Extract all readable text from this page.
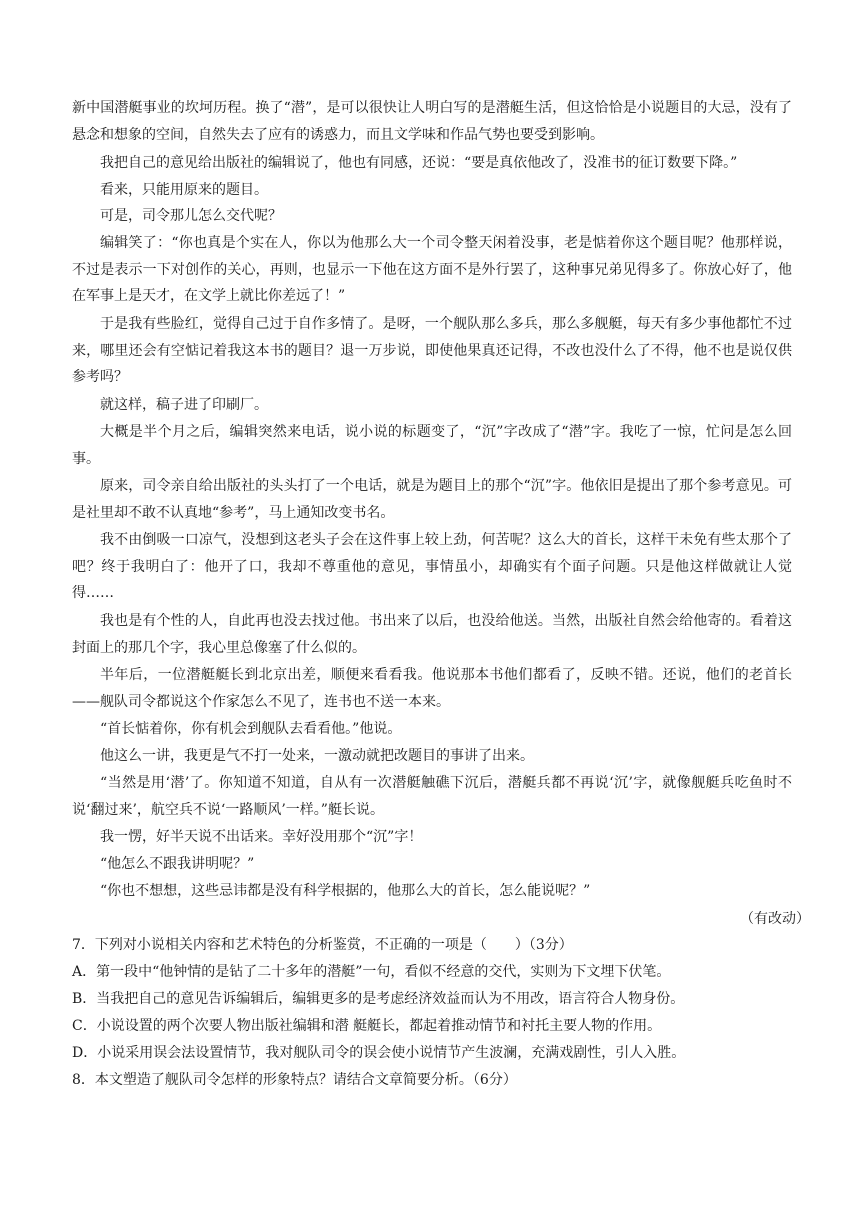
新中国潜艇事业的坎坷历程。换了“潜”，是可以很快让人明白写的是潜艇生活，但这恰恰是小说题目的大忌，没有了悬念和想象的空间，自然失去了应有的诱惑力，而且文学味和作品气势也要受到影响。

我把自己的意见给出版社的编辑说了，他也有同感，还说：“要是真依他改了，没准书的征订数要下降。”

看来，只能用原来的题目。

可是，司令那儿怎么交代呢？

编辑笑了：“你也真是个实在人，你以为他那么大一个司令整天闲着没事，老是惦着你这个题目呢？他那样说，不过是表示一下对创作的关心，再则，也显示一下他在这方面不是外行罢了，这种事兄弟见得多了。你放心好了，他在军事上是天才，在文学上就比你差远了！”

于是我有些脸红，觉得自己过于自作多情了。是呀，一个舰队那么多兵，那么多舰艇，每天有多少事他都忙不过来，哪里还会有空惦记着我这本书的题目？退一万步说，即使他果真还记得，不改也没什么了不得，他不也是说仅供参考吗？

就这样，稿子进了印刷厂。

大概是半个月之后，编辑突然来电话，说小说的标题变了，“沉”字改成了“潜”字。我吃了一惊，忙问是怎么回事。

原来，司令亲自给出版社的头头打了一个电话，就是为题目上的那个“沉”字。他依旧是提出了那个参考意见。可是社里却不敢不认真地“参考”，马上通知改变书名。

我不由倒吸一口凉气，没想到这老头子会在这件事上较上劲，何苦呢？这么大的首长，这样干未免有些太那个了吧？终于我明白了：他开了口，我却不尊重他的意见，事情虽小，却确实有个面子问题。只是他这样做就让人觉得……

我也是有个性的人，自此再也没去找过他。书出来了以后，也没给他送。当然，出版社自然会给他寄的。看着这封面上的那几个字，我心里总像塞了什么似的。

半年后，一位潜艇艇长到北京出差，顺便来看看我。他说那本书他们都看了，反映不错。还说，他们的老首长——舰队司令都说这个作家怎么不见了，连书也不送一本来。

“首长惦着你，你有机会到舰队去看看他。”他说。

他这么一讲，我更是气不打一处来，一激动就把改题目的事讲了出来。

“当然是用‘潜’了。你知道不知道，自从有一次潜艇触礁下沉后，潜艇兵都不再说‘沉’字，就像舰艇兵吃鱼时不说‘翻过来’，航空兵不说‘一路顺风’一样。”艇长说。

我一愣，好半天说不出话来。幸好没用那个“沉”字！

“他怎么不跟我讲明呢？”

“你也不想想，这些忌讳都是没有科学根据的，他那么大的首长，怎么能说呢？”

（有改动）

7．下列对小说相关内容和艺术特色的分析鉴赏，不正确的一项是（　　）（3分）

A．第一段中“他钟情的是钻了二十多年的潜艇”一句，看似不经意的交代，实则为下文埋下伏笔。

B．当我把自己的意见告诉编辑后，编辑更多的是考虑经济效益而认为不用改，语言符合人物身份。

C．小说设置的两个次要人物出版社编辑和潜 艇艇长，都起着推动情节和衬托主要人物的作用。

D．小说采用误会法设置情节，我对舰队司令的误会使小说情节产生波澜，充满戏剧性，引人入胜。

8．本文塑造了舰队司令怎样的形象特点？请结合文章简要分析。（6分）
